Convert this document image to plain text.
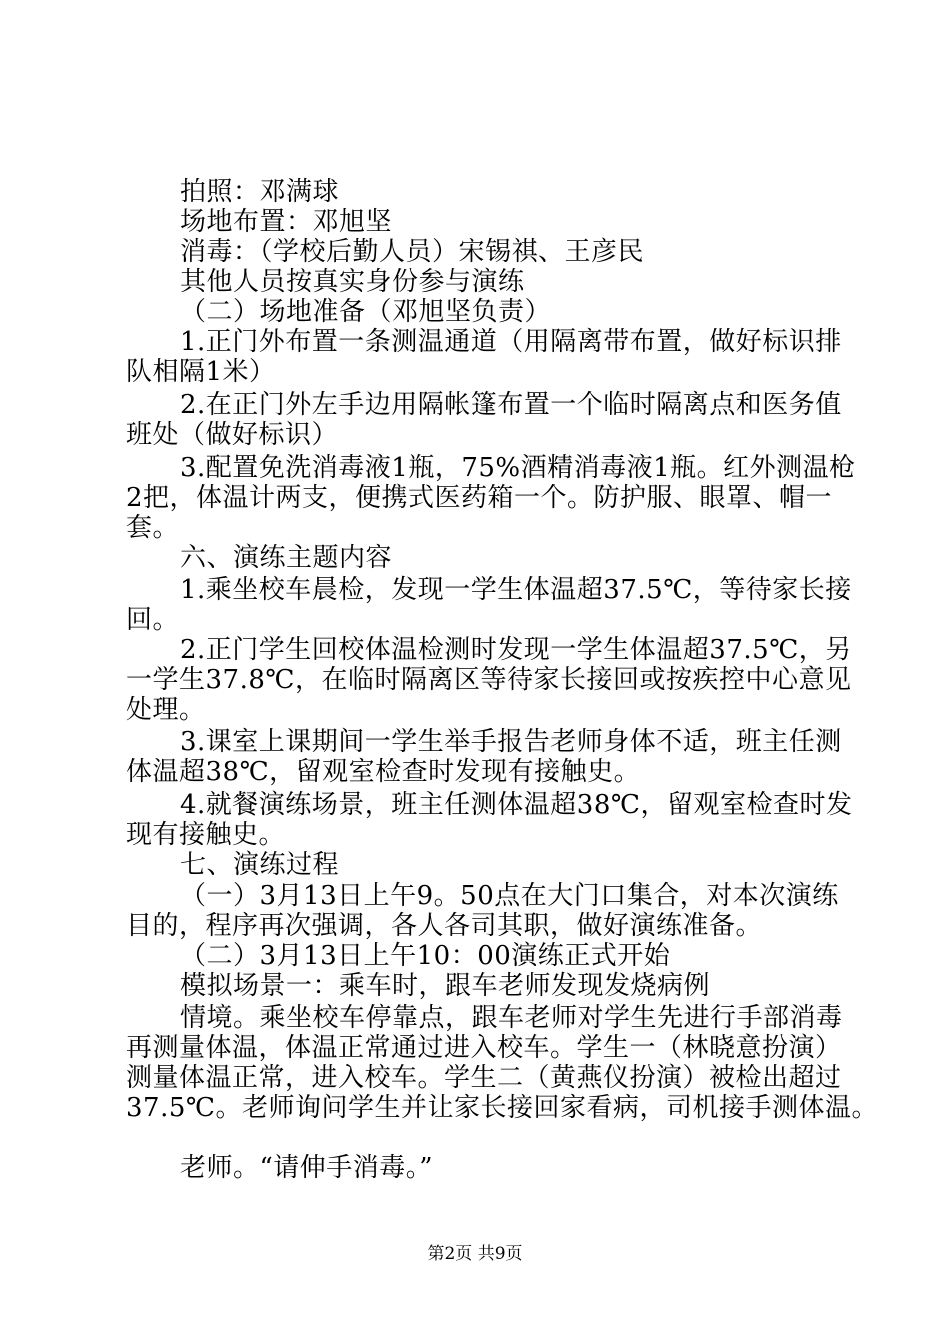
拍照：邓满球
场地布置：邓旭坚
消毒：（学校后勤人员）宋锡祺、王彦民
其他人员按真实身份参与演练
（二）场地准备（邓旭坚负责）
1.正门外布置一条测温通道（用隔离带布置，做好标识排
队相隔1米）
2.在正门外左手边用隔帐篷布置一个临时隔离点和医务值
班处（做好标识）
3.配置免洗消毒液1瓶，75%酒精消毒液1瓶。红外测温枪
2把，体温计两支，便携式医药箱一个。防护服、眼罩、帽一
套。
六、演练主题内容
1.乘坐校车晨检，发现一学生体温超37.5℃，等待家长接
回。
2.正门学生回校体温检测时发现一学生体温超37.5℃，另
一学生37.8℃，在临时隔离区等待家长接回或按疾控中心意见
处理。
3.课室上课期间一学生举手报告老师身体不适，班主任测
体温超38℃，留观室检查时发现有接触史。
4.就餐演练场景，班主任测体温超38℃，留观室检查时发
现有接触史。
七、演练过程
（一）3月13日上午9。50点在大门口集合，对本次演练
目的，程序再次强调，各人各司其职，做好演练准备。
（二）3月13日上午10：00演练正式开始
模拟场景一：乘车时，跟车老师发现发烧病例
情境。乘坐校车停靠点，跟车老师对学生先进行手部消毒
再测量体温，体温正常通过进入校车。学生一（林晓意扮演）
测量体温正常，进入校车。学生二（黄燕仪扮演）被检出超过
37.5℃。老师询问学生并让家长接回家看病，司机接手测体温。
老师。“请伸手消毒。”
第2页 共9页
